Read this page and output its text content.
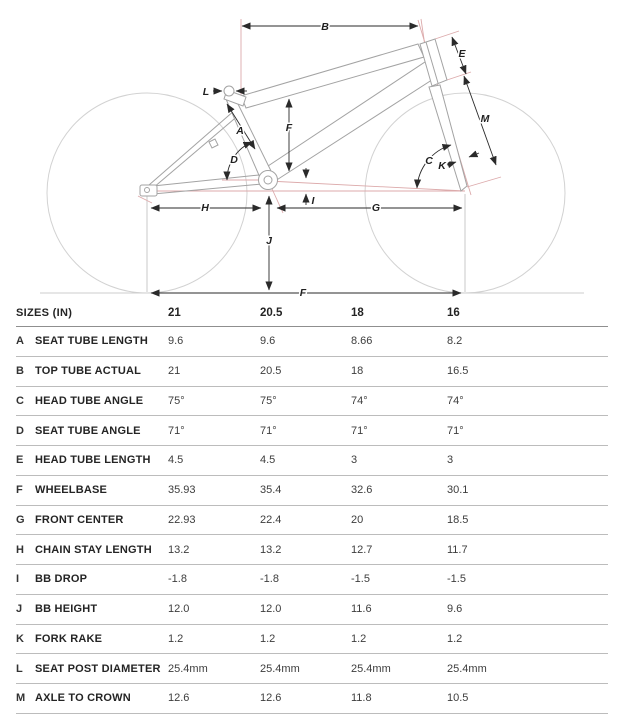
B
L
A	F
D
E
M
C K
H
I
G
J
F
SIZES (IN)	21	20.5	18	16
A	SEAT TUBE LENGTH	9.6	9.6	8.66	8.2
B	TOP TUBE ACTUAL	21	20.5	18	16.5
C	HEAD TUBE ANGLE	75°	75°	74°	74°
D	SEAT TUBE ANGLE	71°	71°	71°	71°
E	HEAD TUBE LENGTH	4.5	4.5	3	3
F	WHEELBASE	35.93	35.4	32.6	30.1
G FRONT CENTER	22.93	22.4	20	18.5
H	CHAIN STAY LENGTH	13.2	13.2	12.7	11.7
I	BB DROP	-1.8	-1.8	-1.5	-1.5
J	BB HEIGHT	12.0	12.0	11.6	9.6
K	FORK RAKE	1.2	1.2	1.2	1.2
L	SEAT POST DIAMETER 25.4mm	25.4mm	25.4mm	25.4mm
M AXLE TO CROWN	12.6	12.6	11.8	10.5
